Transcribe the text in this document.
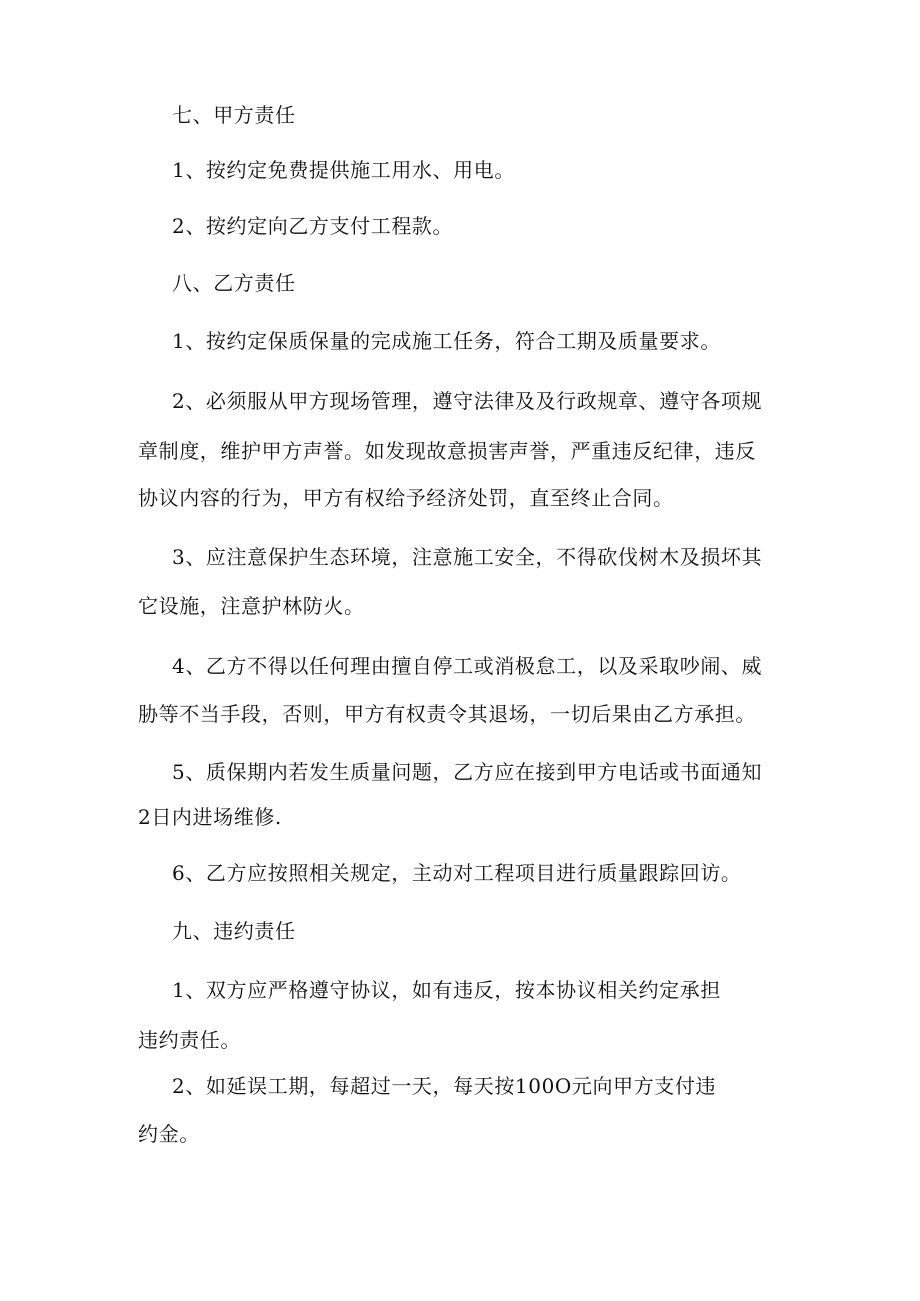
七、甲方责任
1、按约定免费提供施工用水、用电。
2、按约定向乙方支付工程款。
八、乙方责任
1、按约定保质保量的完成施工任务，符合工期及质量要求。
2、必须服从甲方现场管理，遵守法律及及行政规章、遵守各项规
章制度，维护甲方声誉。如发现故意损害声誉，严重违反纪律，违反
协议内容的行为，甲方有权给予经济处罚，直至终止合同。
3、应注意保护生态环境，注意施工安全，不得砍伐树木及损坏其
它设施，注意护林防火。
4、乙方不得以任何理由擅自停工或消极怠工，以及采取吵闹、威
胁等不当手段，否则，甲方有权责令其退场，一切后果由乙方承担。
5、质保期内若发生质量问题，乙方应在接到甲方电话或书面通知
2日内进场维修.
6、乙方应按照相关规定，主动对工程项目进行质量跟踪回访。
九、违约责任
1、双方应严格遵守协议，如有违反，按本协议相关约定承担
违约责任。
2、如延误工期，每超过一天，每天按100O元向甲方支付违
约金。
